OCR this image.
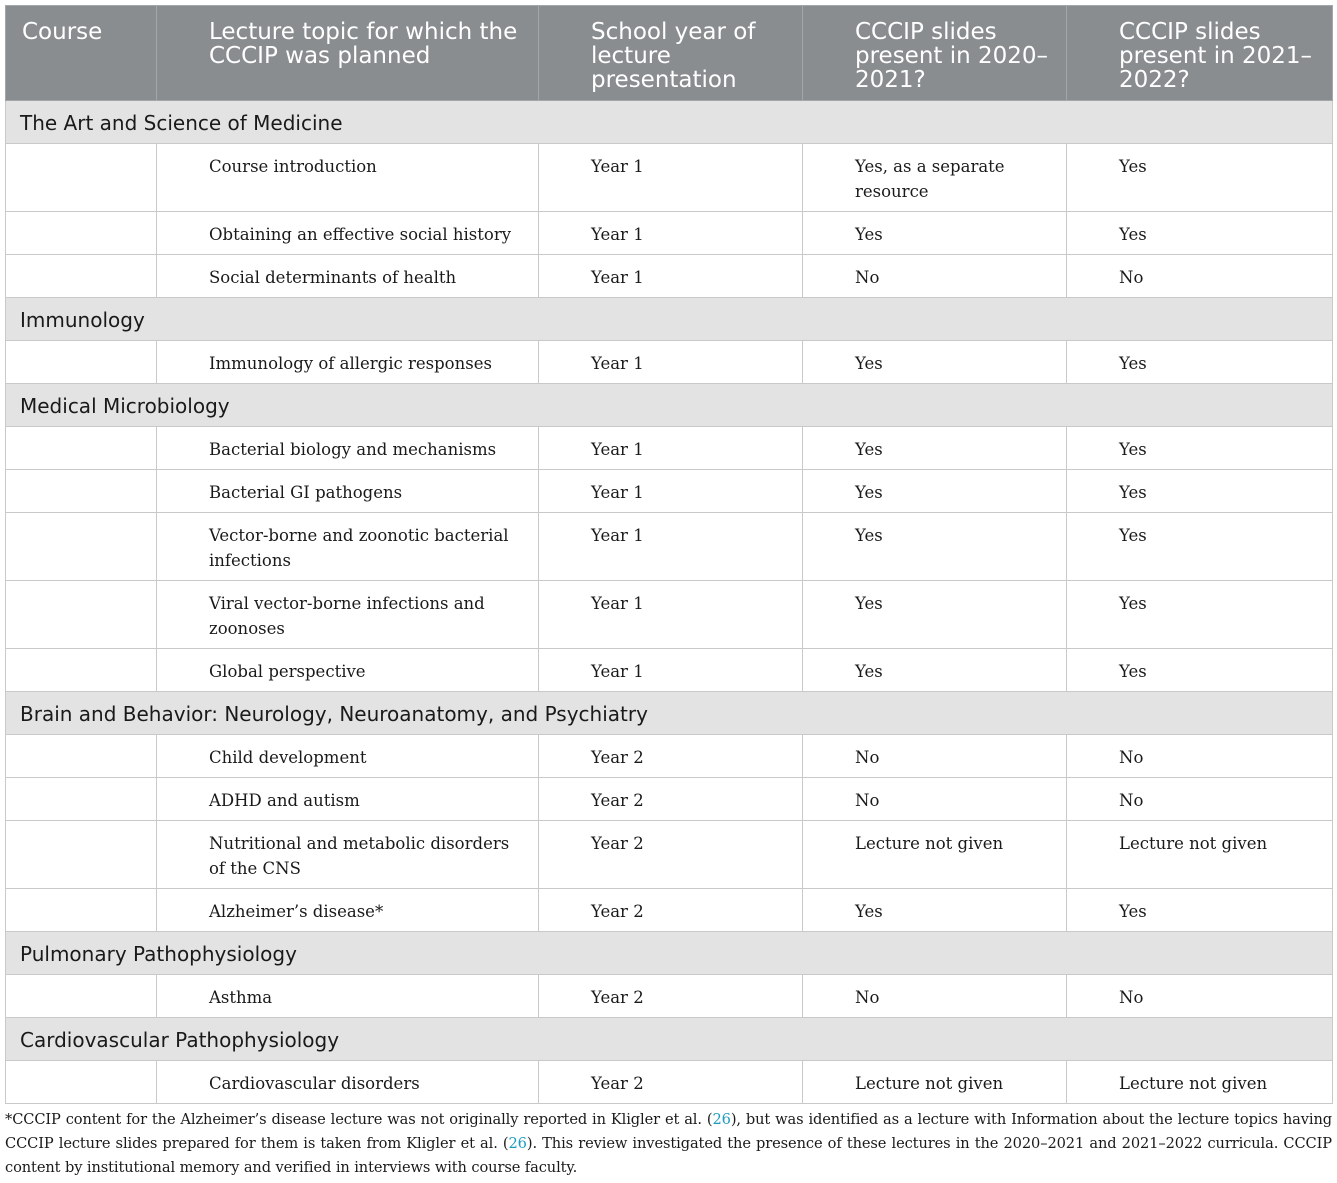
Course	Lecture topic for which the CCCIP was planned	School year of lecture presentation	CCCIP slides present in 2020–2021?	CCCIP slides present in 2021–2022?
The Art and Science of Medicine				
	Course introduction	Year 1	Yes, as a separate resource	Yes
	Obtaining an effective social history	Year 1	Yes	Yes
	Social determinants of health	Year 1	No	No
Immunology				
	Immunology of allergic responses	Year 1	Yes	Yes
Medical Microbiology				
	Bacterial biology and mechanisms	Year 1	Yes	Yes
	Bacterial GI pathogens	Year 1	Yes	Yes
	Vector-borne and zoonotic bacterial infections	Year 1	Yes	Yes
	Viral vector-borne infections and zoonoses	Year 1	Yes	Yes
	Global perspective	Year 1	Yes	Yes
Brain and Behavior: Neurology, Neuroanatomy, and Psychiatry				
	Child development	Year 2	No	No
	ADHD and autism	Year 2	No	No
	Nutritional and metabolic disorders of the CNS	Year 2	Lecture not given	Lecture not given
	Alzheimer’s disease*	Year 2	Yes	Yes
Pulmonary Pathophysiology				
	Asthma	Year 2	No	No
Cardiovascular Pathophysiology				
	Cardiovascular disorders	Year 2	Lecture not given	Lecture not given

*CCCIP content for the Alzheimer’s disease lecture was not originally reported in Kligler et al. (26), but was identified as a lecture with Information about the lecture topics having CCCIP lecture slides prepared for them is taken from Kligler et al. (26). This review investigated the presence of these lectures in the 2020–2021 and 2021–2022 curricula. CCCIP content by institutional memory and verified in interviews with course faculty.
